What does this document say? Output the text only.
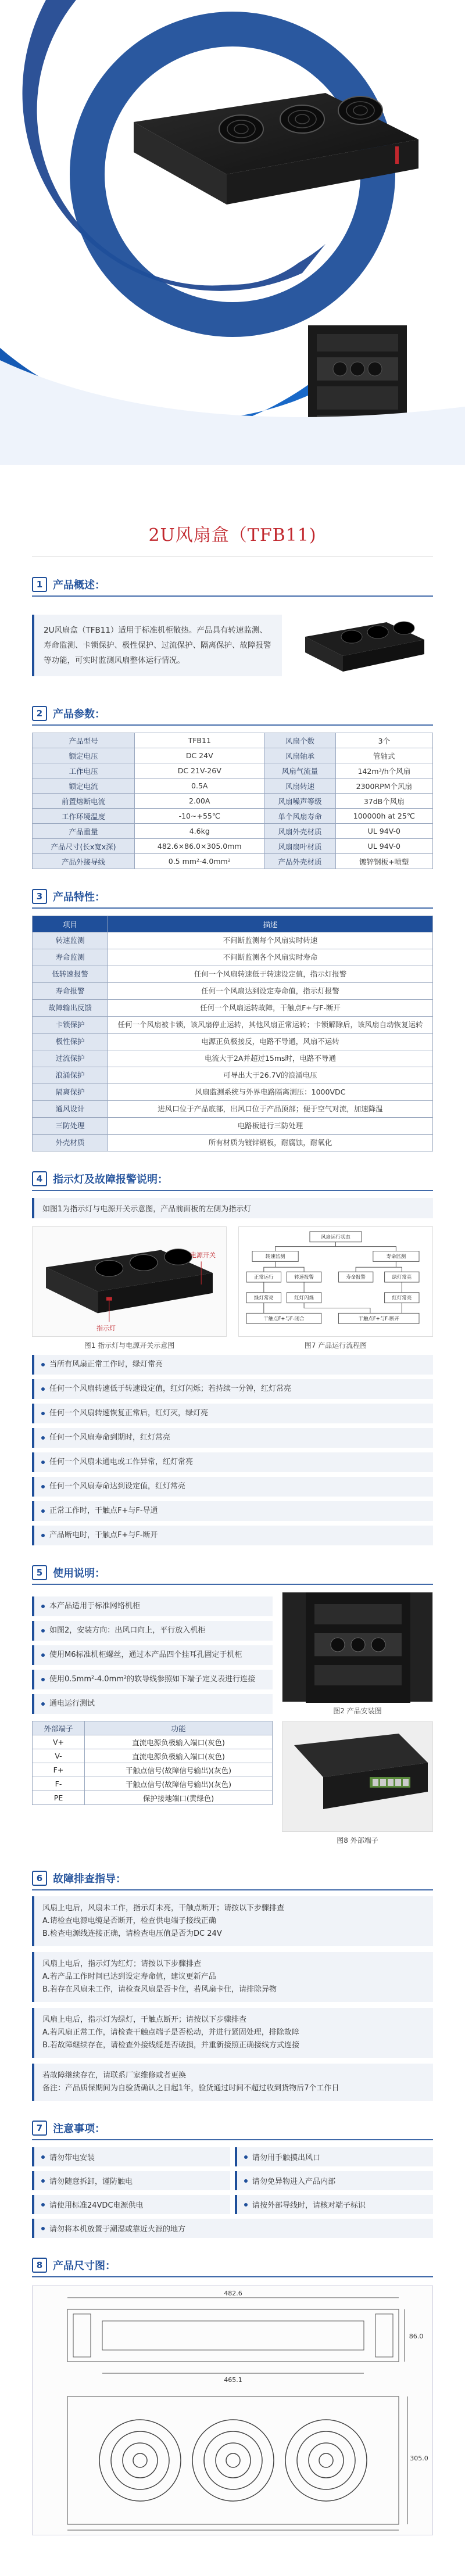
2U风扇盒（TFB11)
1 产品概述：
2U风扇盒（TFB11）适用于标准机柜散热。产品具有转速监测、寿命监测、卡锁保护、极性保护、过流保护、隔离保护、故障报警等功能，可实时监测风扇整体运行情况。
2 产品参数：
产品型号	TFB11	风扇个数	3个
额定电压	DC 24V	风扇轴承	管轴式
工作电压	DC 21V-26V	风扇气流量	142m³/h个风扇
额定电流	0.5A	风扇转速	2300RPM个风扇
前置熔断电流	2.00A	风扇噪声等级	37dB个风扇
工作环境温度	-10~+55℃	单个风扇寿命	100000h at 25℃
产品重量	4.6kg	风扇外壳材质	UL 94V-0
产品尺寸(长x宽x深)	482.6×86.0×305.0mm	风扇扇叶材质	UL 94V-0
产品外接导线	0.5 mm²-4.0mm²	产品外壳材质	镀锌钢板+喷塑
3 产品特性：
项目	描述
转速监测	不间断监测每个风扇实时转速
寿命监测	不间断监测各个风扇实时寿命
低转速报警	任何一个风扇转速低于转速设定值，指示灯报警
寿命报警	任何一个风扇达到设定寿命值，指示灯报警
故障输出反馈	任何一个风扇运转故障，干触点F+与F-断开
卡锁保护	任何一个风扇被卡锁，该风扇停止运转，其他风扇正常运转；卡锁解除后，该风扇自动恢复运转
极性保护	电源正负极接反，电路不导通，风扇不运转
过流保护	电流大于2A并超过15ms时，电路不导通
浪涌保护	可导出大于26.7V的浪涌电压
隔离保护	风扇监测系统与外界电路隔离测压：1000VDC
通风设计	进风口位于产品底部，出风口位于产品顶部；便于空气对流，加速降温
三防处理	电路板进行三防处理
外壳材质	所有材质为镀锌钢板，耐腐蚀，耐氧化
4 指示灯及故障报警说明：
如图1为指示灯与电源开关示意图，产品前面板的左侧为指示灯
指示灯
电源开关
图1 指示灯与电源开关示意图
风扇运行状态
转速监测	寿命监测
正常运行	转速报警	寿命报警	绿灯常亮
绿灯常亮	红灯闪烁	红灯常亮
干触点F+与F-闭合	干触点F+与F-断开
图7 产品运行流程图
当所有风扇正常工作时，绿灯常亮
任何一个风扇转速低于转速设定值，红灯闪烁；若持续一分钟，红灯常亮
任何一个风扇转速恢复正常后，红灯灭，绿灯亮
任何一个风扇寿命到期时，红灯常亮
任何一个风扇未通电或工作异常，红灯常亮
任何一个风扇寿命达到设定值，红灯常亮
正常工作时，干触点F+与F-导通
产品断电时，干触点F+与F-断开
5 使用说明：
本产品适用于标准网络机柜
如图2，安装方向：出风口向上，平行放入机柜
使用M6标准机柜螺丝，通过本产品四个挂耳孔固定于机柜
使用0.5mm²-4.0mm²的软导线参照如下端子定义表进行连接
通电运行测试
外部端子	功能
V+	直流电源负极输入端口(灰色)
V-	直流电源负极输入端口(灰色)
F+	干触点信号(故障信号输出)(灰色)
F-	干触点信号(故障信号输出)(灰色)
PE	保护接地端口(黄绿色)
图2 产品安装图
图8 外部端子
6 故障排查指导：
风扇上电后，风扇未工作，指示灯未亮，干触点断开；请按以下步骤排查
A.请检查电源电缆是否断开，检查供电端子接线正确
B.检查电源线连接正确，请检查电压值是否为DC 24V
风扇上电后，指示灯为红灯；请按以下步骤排查
A.若产品工作时间已达到设定寿命值，建议更新产品
B.若存在风扇未工作，请检查风扇是否卡住，若风扇卡住，请排除异物
风扇上电后，指示灯为绿灯，干触点断开；请按以下步骤排查
A.若风扇正常工作，请检查干触点端子是否松动，并进行紧固处理，排除故障
B.若故障继续存在，请检查外接线缆是否破损，并重新接照正确接线方式连接
若故障继续存在，请联系厂家维修或者更换
备注：产品质保期间为自验货确认之日起1年，验货通过时间不超过收到货物后7个工作日
7 注意事项：
请勿带电安装	请勿用手触摸出风口
请勿随意拆卸，谨防触电	请勿免异物进入产品内部
请使用标准24VDC电源供电	请按外部导线时，请核对端子标识
请勿将本机放置于潮湿或靠近火源的地方
8 产品尺寸图：
482.6
465.1
86.0
305.0
